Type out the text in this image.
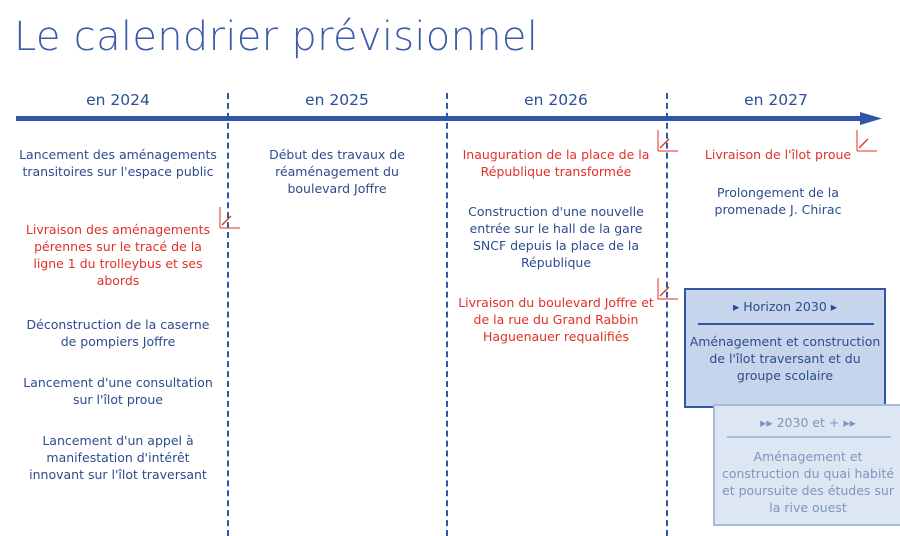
Le calendrier prévisionnel
en 2024	en 2025	en 2026	en 2027
Lancement des aménagements transitoires sur l'espace public
Livraison des aménagements pérennes sur le tracé de la ligne 1 du trolleybus et ses abords
Déconstruction de la caserne de pompiers Joffre
Lancement d'une consultation sur l'îlot proue
Lancement d'un appel à manifestation d'intérêt innovant sur l'îlot traversant
Début des travaux de réaménagement du boulevard Joffre
Inauguration de la place de la République transformée
Construction d'une nouvelle entrée sur le hall de la gare SNCF depuis la place de la République
Livraison du boulevard Joffre et de la rue du Grand Rabbin Haguenauer requalifiés
Livraison de l'îlot proue
Prolongement de la promenade J. Chirac
▸ Horizon 2030 ▸
Aménagement et construction de l'îlot traversant et du groupe scolaire
▸▸ 2030 et + ▸▸
Aménagement et construction du quai habité et poursuite des études sur la rive ouest
